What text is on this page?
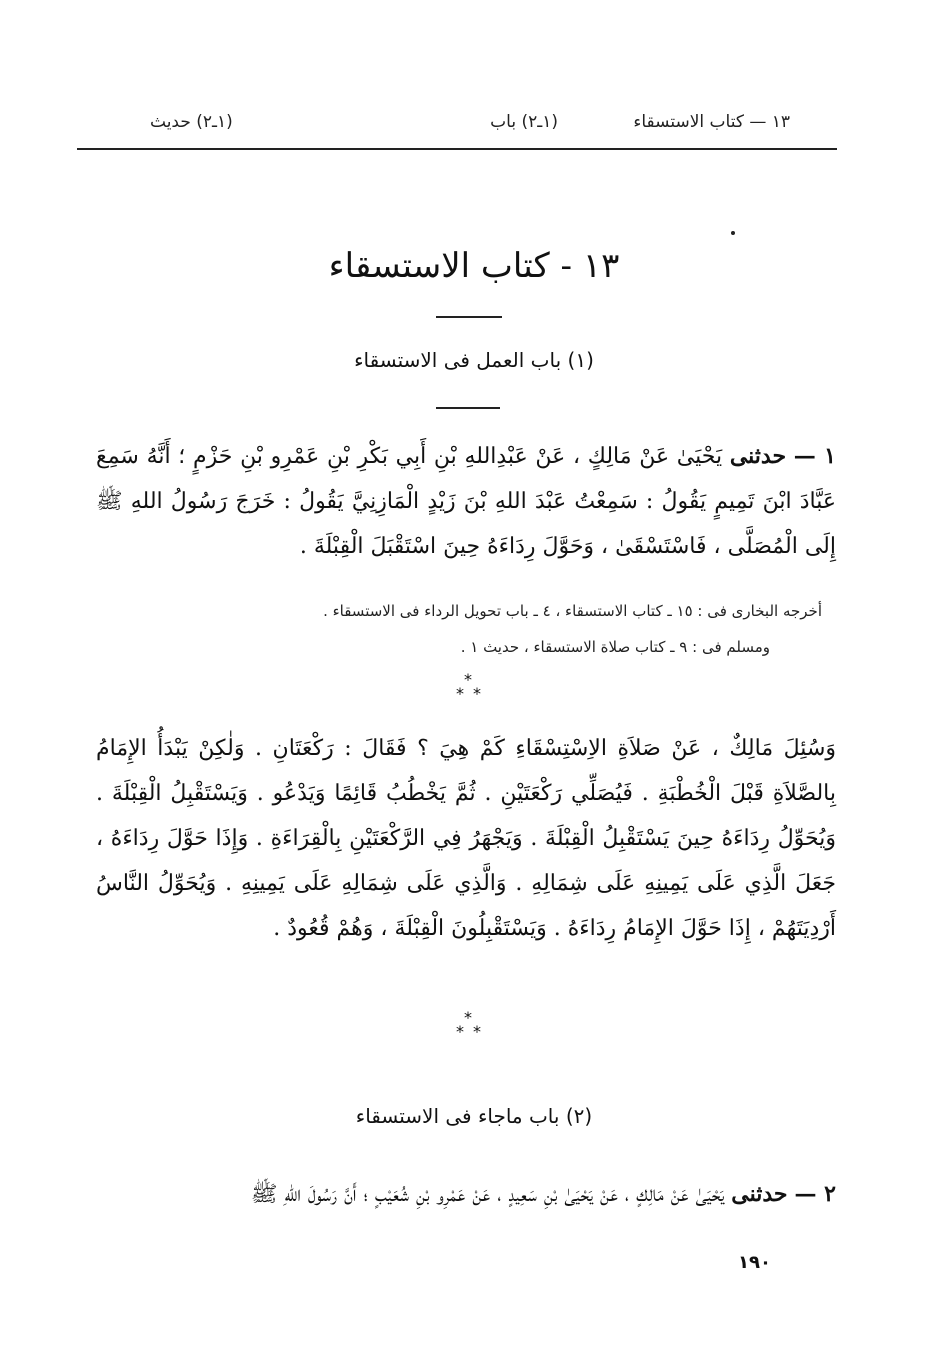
١٣ — كتاب الاستسقاء
(١ـ٢) باب
(١ـ٢) حديث
١٣ - كتاب الاستسقاء
(١) باب العمل فى الاستسقاء
١ — حدثنى يَحْيَىٰ عَنْ مَالِكٍ ، عَنْ عَبْدِاللهِ بْنِ أَبِي بَكْرِ بْنِ عَمْرِو بْنِ حَزْمٍ ؛ أَنَّهُ سَمِعَ عَبَّادَ ابْنَ تَمِيمٍ يَقُولُ : سَمِعْتُ عَبْدَ اللهِ بْنَ زَيْدٍ الْمَازِنِيَّ يَقُولُ : خَرَجَ رَسُولُ اللهِ ﷺ إِلَى الْمُصَلَّى ، فَاسْتَسْقَىٰ ، وَحَوَّلَ رِدَاءَهُ حِينَ اسْتَقْبَلَ الْقِبْلَةَ .
أخرجه البخارى فى : ١٥ ـ كتاب الاستسقاء ، ٤ ـ باب تحويل الرداء فى الاستسقاء .
ومسلم فى : ٩ ـ كتاب صلاة الاستسقاء ، حديث ١ .
*
* *
وَسُئِلَ مَالِكٌ ، عَنْ صَلاَةِ الاِسْتِسْقَاءِ كَمْ هِيَ ؟ فَقَالَ : رَكْعَتَانِ . وَلٰكِنْ يَبْدَأُ الإِمَامُ بِالصَّلاَةِ قَبْلَ الْخُطْبَةِ . فَيُصَلِّي رَكْعَتَيْنِ . ثُمَّ يَخْطُبُ قَائِمًا وَيَدْعُو . وَيَسْتَقْبِلُ الْقِبْلَةَ . وَيُحَوِّلُ رِدَاءَهُ حِينَ يَسْتَقْبِلُ الْقِبْلَةَ . وَيَجْهَرُ فِي الرَّكْعَتَيْنِ بِالْقِرَاءَةِ . وَإِذَا حَوَّلَ رِدَاءَهُ ، جَعَلَ الَّذِي عَلَى يَمِينِهِ عَلَى شِمَالِهِ . وَالَّذِي عَلَى شِمَالِهِ عَلَى يَمِينِهِ . وَيُحَوِّلُ النَّاسُ أَرْدِيَتَهُمْ ، إِذَا حَوَّلَ الإِمَامُ رِدَاءَهُ . وَيَسْتَقْبِلُونَ الْقِبْلَةَ ، وَهُمْ قُعُودٌ .
*
* *
(٢) باب ماجاء فى الاستسقاء
٢ — حدثنى يَحْيَىٰ عَنْ مَالِكٍ ، عَنْ يَحْيَىٰ بْنِ سَعِيدٍ ، عَنْ عَمْرِو بْنِ شُعَيْبٍ ؛ أَنَّ رَسُولَ اللهِ ﷺ
١٩٠
